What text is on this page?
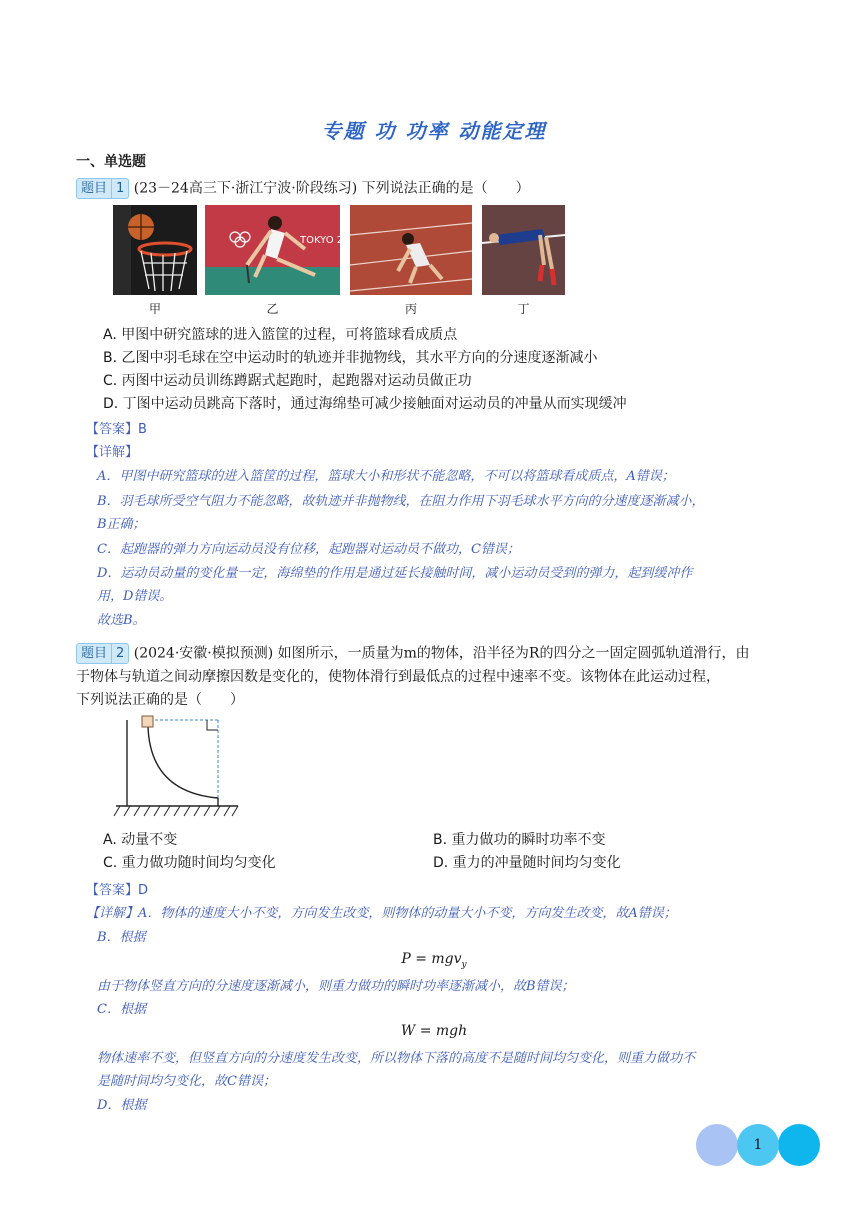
专题 功 功率 动能定理
一、单选题
题目 1 (23－24高三下·浙江宁波·阶段练习) 下列说法正确的是（　　）
TOKYO 20
甲	乙	丙	丁
A. 甲图中研究篮球的进入篮筐的过程，可将篮球看成质点
B. 乙图中羽毛球在空中运动时的轨迹并非抛物线，其水平方向的分速度逐渐减小
C. 丙图中运动员训练蹲踞式起跑时，起跑器对运动员做正功
D. 丁图中运动员跳高下落时，通过海绵垫可减少接触面对运动员的冲量从而实现缓冲
【答案】B
【详解】
A．甲图中研究篮球的进入篮筐的过程，篮球大小和形状不能忽略，不可以将篮球看成质点，A错误；
B．羽毛球所受空气阻力不能忽略，故轨迹并非抛物线，在阻力作用下羽毛球水平方向的分速度逐渐减小，
B正确；
C．起跑器的弹力方向运动员没有位移，起跑器对运动员不做功，C错误；
D．运动员动量的变化量一定，海绵垫的作用是通过延长接触时间，减小运动员受到的弹力，起到缓冲作
用，D错误。
故选B。
题目 2 (2024·安徽·模拟预测) 如图所示，一质量为m的物体，沿半径为R的四分之一固定圆弧轨道滑行，由
于物体与轨道之间动摩擦因数是变化的，使物体滑行到最低点的过程中速率不变。该物体在此运动过程，
下列说法正确的是（　　）
A. 动量不变	B. 重力做功的瞬时功率不变
C. 重力做功随时间均匀变化	D. 重力的冲量随时间均匀变化
【答案】D
【详解】A．物体的速度大小不变，方向发生改变，则物体的动量大小不变，方向发生改变，故A错误；
B．根据
P = mgv$_y$
由于物体竖直方向的分速度逐渐减小，则重力做功的瞬时功率逐渐减小，故B错误；
C．根据
W = mgh
物体速率不变，但竖直方向的分速度发生改变，所以物体下落的高度不是随时间均匀变化，则重力做功不
是随时间均匀变化，故C错误；
D．根据
1
